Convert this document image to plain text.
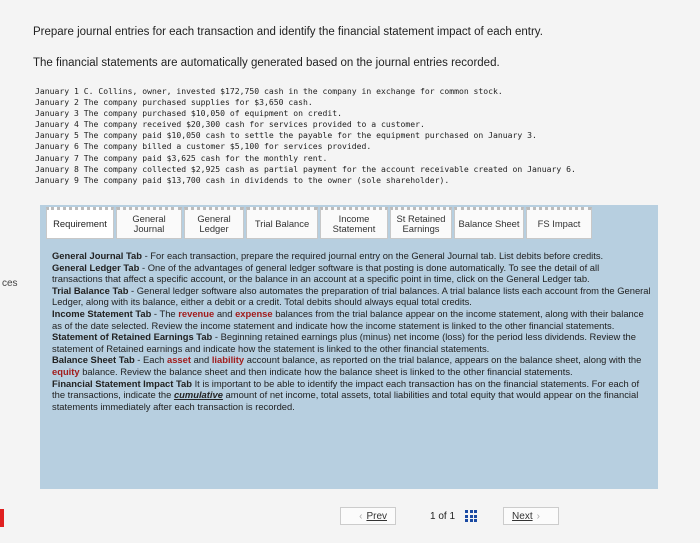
ces
Prepare journal entries for each transaction and identify the financial statement impact of each entry.
The financial statements are automatically generated based on the journal entries recorded.
January 1 C. Collins, owner, invested $172,750 cash in the company in exchange for common stock.
January 2 The company purchased supplies for $3,650 cash.
January 3 The company purchased $10,050 of equipment on credit.
January 4 The company received $20,300 cash for services provided to a customer.
January 5 The company paid $10,050 cash to settle the payable for the equipment purchased on January 3.
January 6 The company billed a customer $5,100 for services provided.
January 7 The company paid $3,625 cash for the monthly rent.
January 8 The company collected $2,925 cash as partial payment for the account receivable created on January 6.
January 9 The company paid $13,700 cash in dividends to the owner (sole shareholder).
Requirement	General Journal
General Ledger	Trial Balance	Income Statement
St Retained Earnings	Balance Sheet	FS Impact

General Journal Tab - For each transaction, prepare the required journal entry on the General Journal tab. List debits before credits.

General Ledger Tab - One of the advantages of general ledger software is that posting is done automatically. To see the detail of all transactions that affect a specific account, or the balance in an account at a specific point in time, click on the General Ledger tab.

Trial Balance Tab - General ledger software also automates the preparation of trial balances. A trial balance lists each account from the General Ledger, along with its balance, either a debit or a credit. Total debits should always equal total credits.

Income Statement Tab - The revenue and expense balances from the trial balance appear on the income statement, along with their balance as of the date selected. Review the income statement and indicate how the income statement is linked to the other financial statements.

Statement of Retained Earnings Tab - Beginning retained earnings plus (minus) net income (loss) for the period less dividends. Review the statement of Retained earnings and indicate how the statement is linked to the other financial statements.

Balance Sheet Tab - Each asset and liability account balance, as reported on the trial balance, appears on the balance sheet, along with the equity balance. Review the balance sheet and then indicate how the balance sheet is linked to the other financial statements.

Financial Statement Impact Tab It is important to be able to identify the impact each transaction has on the financial statements. For each of the transactions, indicate the cumulative amount of net income, total assets, total liabilities and total equity that would appear on the financial statements immediately after each transaction is recorded.

‹ Prev	1 of 1	Next ›
